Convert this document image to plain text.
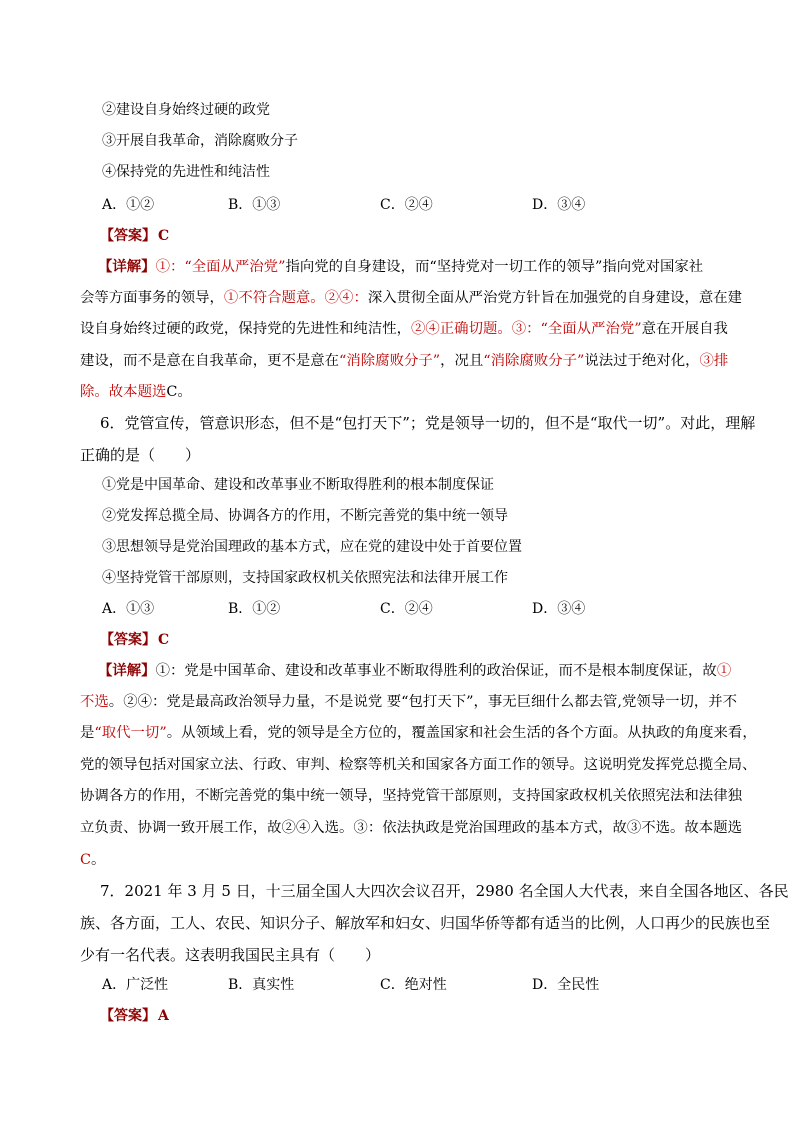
②建设自身始终过硬的政党
③开展自我革命，消除腐败分子
④保持党的先进性和纯洁性
A．①②	B．①③	C．②④	D．③④
【答案】 C
【详解】①：“全面从严治党”指向党的自身建设，而“坚持党对一切工作的领导”指向党对国家社
会等方面事务的领导，①不符合题意。②④：深入贯彻全面从严治党方针旨在加强党的自身建设，意在建
设自身始终过硬的政党，保持党的先进性和纯洁性，②④正确切题。③：“全面从严治党”意在开展自我
建设，而不是意在自我革命，更不是意在“消除腐败分子”，况且“消除腐败分子”说法过于绝对化，③排
除。故本题选C。
6．党管宣传，管意识形态，但不是“包打天下”；党是领导一切的，但不是“取代一切”。对此，理解
正确的是（　　）
①党是中国革命、建设和改革事业不断取得胜利的根本制度保证
②党发挥总揽全局、协调各方的作用，不断完善党的集中统一领导
③思想领导是党治国理政的基本方式，应在党的建设中处于首要位置
④坚持党管干部原则，支持国家政权机关依照宪法和法律开展工作
A．①③	B．①②	C．②④	D．③④
【答案】 C
【详解】①：党是中国革命、建设和改革事业不断取得胜利的政治保证，而不是根本制度保证，故①
不选。②④：党是最高政治领导力量，不是说党 要“包打天下”，事无巨细什么都去管,党领导一切，并不
是“取代一切”。从领域上看，党的领导是全方位的，覆盖国家和社会生活的各个方面。从执政的角度来看，
党的领导包括对国家立法、行政、审判、检察等机关和国家各方面工作的领导。这说明党发挥党总揽全局、
协调各方的作用，不断完善党的集中统一领导，坚持党管干部原则，支持国家政权机关依照宪法和法律独
立负责、协调一致开展工作，故②④入选。③：依法执政是党治国理政的基本方式，故③不选。故本题选
C。
7．2021 年 3 月 5 日，十三届全国人大四次会议召开，2980 名全国人大代表，来自全国各地区、各民
族、各方面，工人、农民、知识分子、解放军和妇女、归国华侨等都有适当的比例，人口再少的民族也至
少有一名代表。这表明我国民主具有（　　）
A．广泛性	B．真实性	C．绝对性	D．全民性
【答案】 A
